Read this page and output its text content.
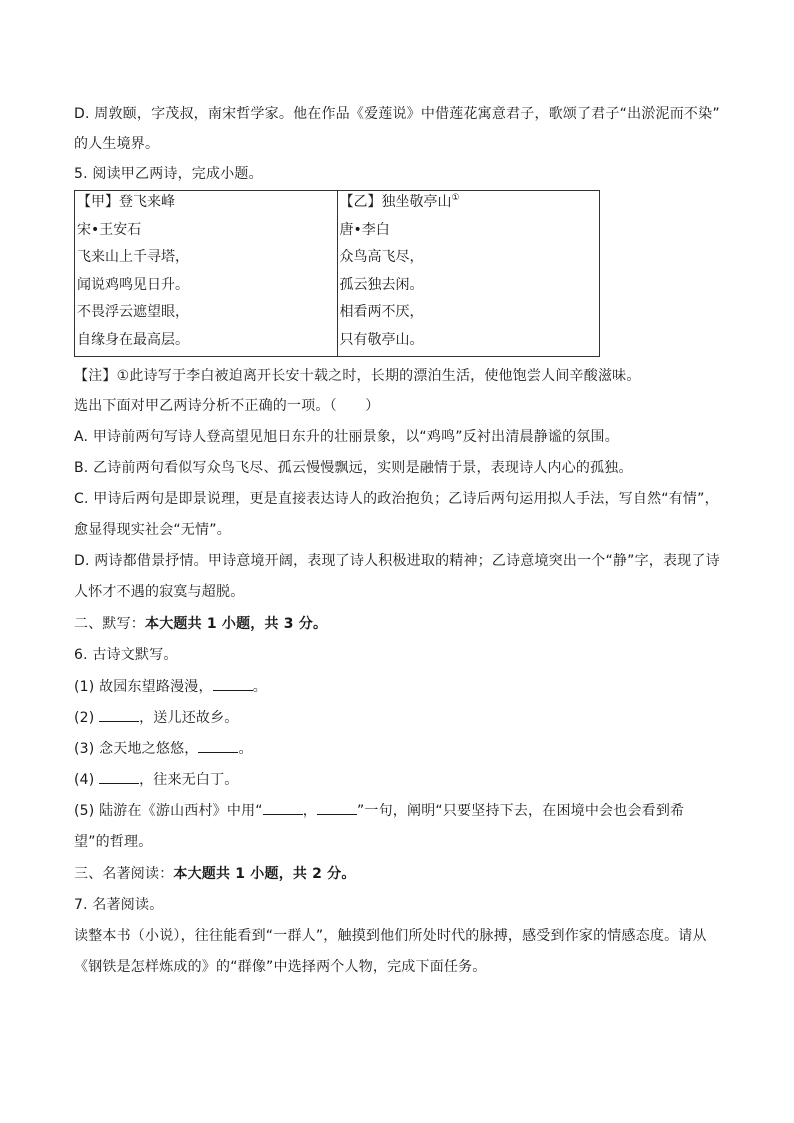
D. 周敦颐，字茂叔，南宋哲学家。他在作品《爱莲说》中借莲花寓意君子，歌颂了君子“出淤泥而不染”
的人生境界。
5. 阅读甲乙两诗，完成小题。
【甲】登飞来峰
宋•王安石
飞来山上千寻塔，
闻说鸡鸣见日升。
不畏浮云遮望眼，
自缘身在最高层。

【乙】独坐敬亭山①
唐•李白
众鸟高飞尽，
孤云独去闲。
相看两不厌，
只有敬亭山。
【注】①此诗写于李白被迫离开长安十载之时，长期的漂泊生活，使他饱尝人间辛酸滋味。
选出下面对甲乙两诗分析不正确的一项。（　　）
A. 甲诗前两句写诗人登高望见旭日东升的壮丽景象，以“鸡鸣”反衬出清晨静谧的氛围。
B. 乙诗前两句看似写众鸟飞尽、孤云慢慢飘远，实则是融情于景，表现诗人内心的孤独。
C. 甲诗后两句是即景说理，更是直接表达诗人的政治抱负；乙诗后两句运用拟人手法，写自然“有情”，
愈显得现实社会“无情”。
D. 两诗都借景抒情。甲诗意境开阔，表现了诗人积极进取的精神；乙诗意境突出一个“静”字，表现了诗
人怀才不遇的寂寞与超脱。
二、默写：本大题共 1 小题，共 3 分。
6. 古诗文默写。
(1) 故园东望路漫漫，	。
(2)	，送儿还故乡。
(3) 念天地之悠悠，	。
(4)	，往来无白丁。
(5) 陆游在《游山西村》中用“	，	”一句，阐明“只要坚持下去，在困境中会也会看到希
望”的哲理。
三、名著阅读：本大题共 1 小题，共 2 分。
7. 名著阅读。
读整本书（小说），往往能看到“一群人”，触摸到他们所处时代的脉搏，感受到作家的情感态度。请从
《钢铁是怎样炼成的》的“群像”中选择两个人物，完成下面任务。
